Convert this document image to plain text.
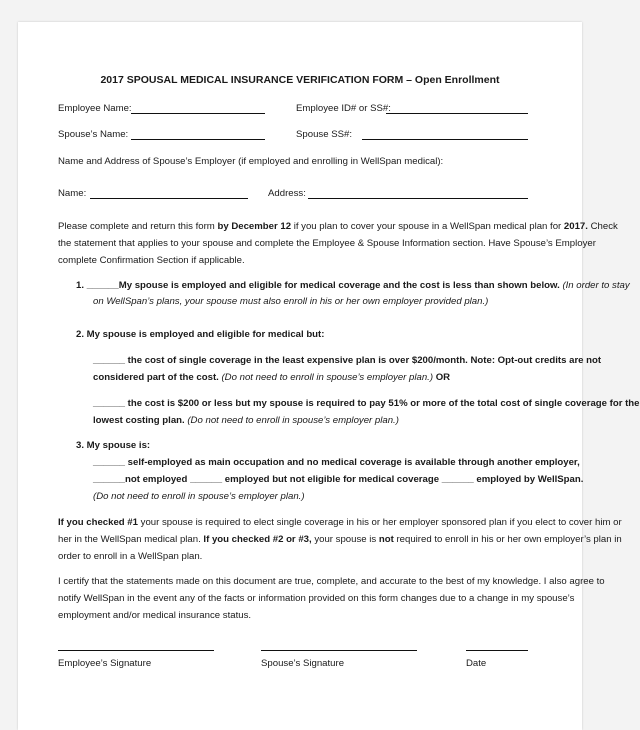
2017 SPOUSAL MEDICAL INSURANCE VERIFICATION FORM – Open Enrollment
Employee Name:	Employee ID# or SS#:
Spouse’s Name:	Spouse SS#:
Name and Address of Spouse’s Employer (if employed and enrolling in WellSpan medical):
Name:	Address:
Please complete and return this form by December 12 if you plan to cover your spouse in a WellSpan medical plan for 2017. Check
the statement that applies to your spouse and complete the Employee & Spouse Information section. Have Spouse’s Employer
complete Confirmation Section if applicable.
1. ______My spouse is employed and eligible for medical coverage and the cost is less than shown below. (In order to stay
on WellSpan’s plans, your spouse must also enroll in his or her own employer provided plan.)
2. My spouse is employed and eligible for medical but:
______ the cost of single coverage in the least expensive plan is over $200/month. Note: Opt-out credits are not
considered part of the cost. (Do not need to enroll in spouse’s employer plan.) OR
______ the cost is $200 or less but my spouse is required to pay 51% or more of the total cost of single coverage for the
lowest costing plan. (Do not need to enroll in spouse’s employer plan.)
3. My spouse is:
______ self-employed as main occupation and no medical coverage is available through another employer,
______not employed ______ employed but not eligible for medical coverage ______ employed by WellSpan.
(Do not need to enroll in spouse’s employer plan.)
If you checked #1 your spouse is required to elect single coverage in his or her employer sponsored plan if you elect to cover him or
her in the WellSpan medical plan. If you checked #2 or #3, your spouse is not required to enroll in his or her own employer’s plan in
order to enroll in a WellSpan plan.
I certify that the statements made on this document are true, complete, and accurate to the best of my knowledge. I also agree to
notify WellSpan in the event any of the facts or information provided on this form changes due to a change in my spouse’s
employment and/or medical insurance status.
Employee’s Signature	Spouse’s Signature	Date
